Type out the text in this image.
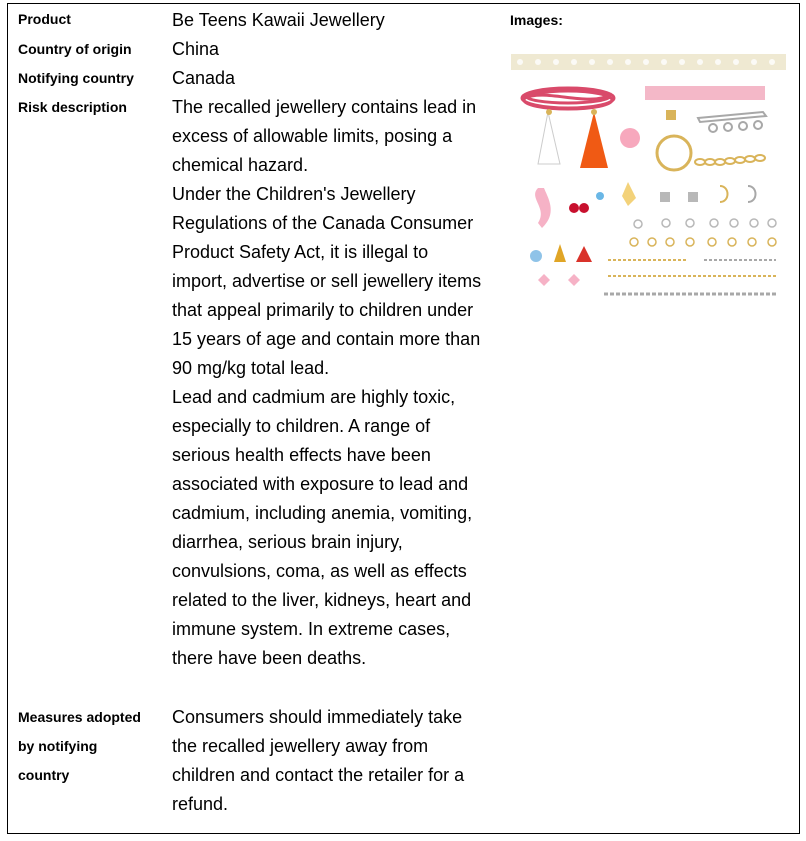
Product	Be Teens Kawaii Jewellery
Country of origin China
Notifying country Canada
Risk description	The recalled jewellery contains lead in
excess of allowable limits, posing a
chemical hazard.
Under the Children's Jewellery
Regulations of the Canada Consumer
Product Safety Act, it is illegal to
import, advertise or sell jewellery items
that appeal primarily to children under
15 years of age and contain more than
90 mg/kg total lead.
Lead and cadmium are highly toxic,
especially to children. A range of
serious health effects have been
associated with exposure to lead and
cadmium, including anemia, vomiting,
diarrhea, serious brain injury,
convulsions, coma, as well as effects
related to the liver, kidneys, heart and
immune system. In extreme cases,
there have been deaths.
Measures adopted
by notifying
country
Consumers should immediately take
the recalled jewellery away from
children and contact the retailer for a
refund.
Images:
